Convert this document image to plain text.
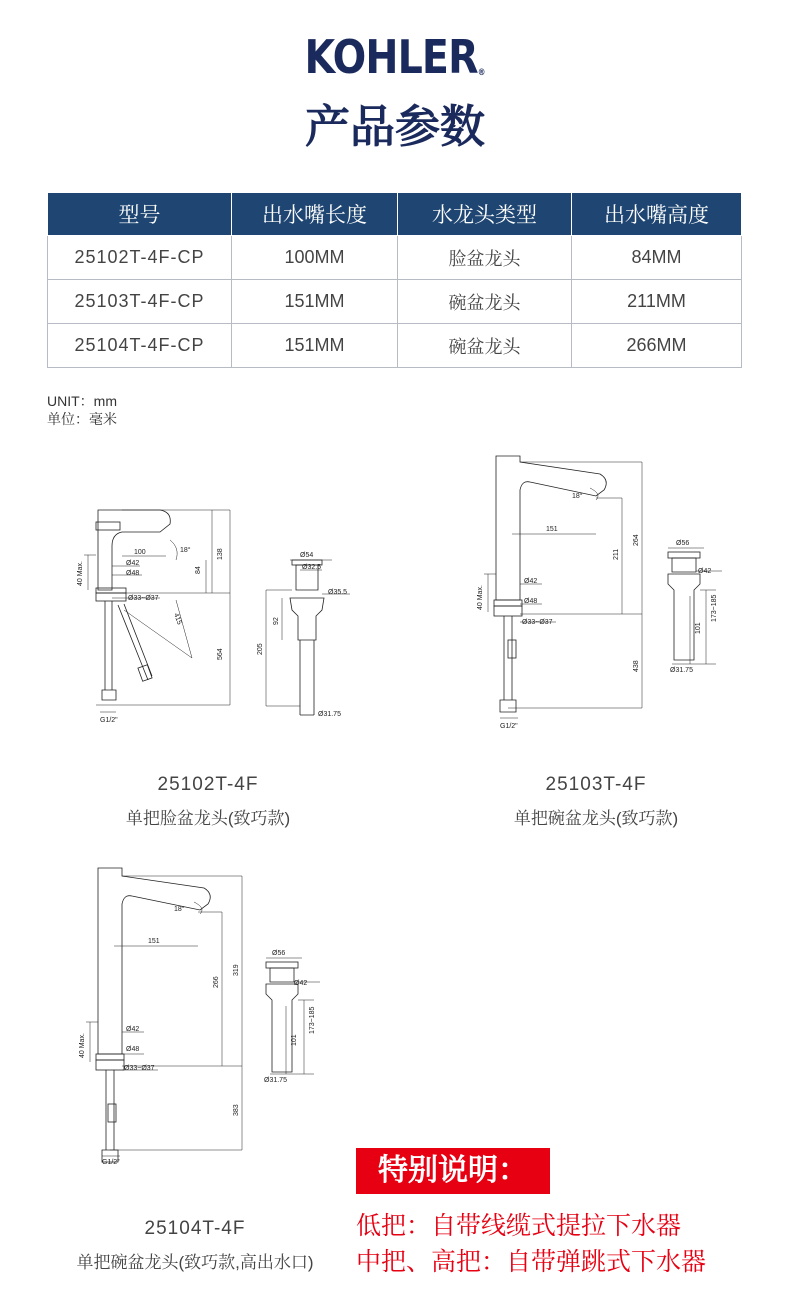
KOHLER®
产品参数
型号	出水嘴长度	水龙头类型	出水嘴高度
25102T-4F-CP	100MM	脸盆龙头	84MM
25103T-4F-CP	151MM	碗盆龙头	211MM
25104T-4F-CP	151MM	碗盆龙头	266MM
UNIT：mm
单位：毫米
100	18°
Ø42
Ø48
Ø33~Ø37
138
84
564
415
40 Max.
G1/2"
Ø54
Ø32.5
Ø35.5
92
205
Ø31.75
18°
151
Ø42
Ø48
Ø33~Ø37
264
211
438
40 Max.
G1/2"
Ø56
Ø42
101
173~185
Ø31.75
18°
151
Ø42
Ø48
Ø33~Ø37
319
266
383
40 Max.
G1/2"
Ø56
Ø42
101
173~185
Ø31.75
25102T-4F
单把脸盆龙头(致巧款)
25103T-4F
单把碗盆龙头(致巧款)
25104T-4F
单把碗盆龙头(致巧款,高出水口)
特别说明：
低把：自带线缆式提拉下水器
中把、高把：自带弹跳式下水器
